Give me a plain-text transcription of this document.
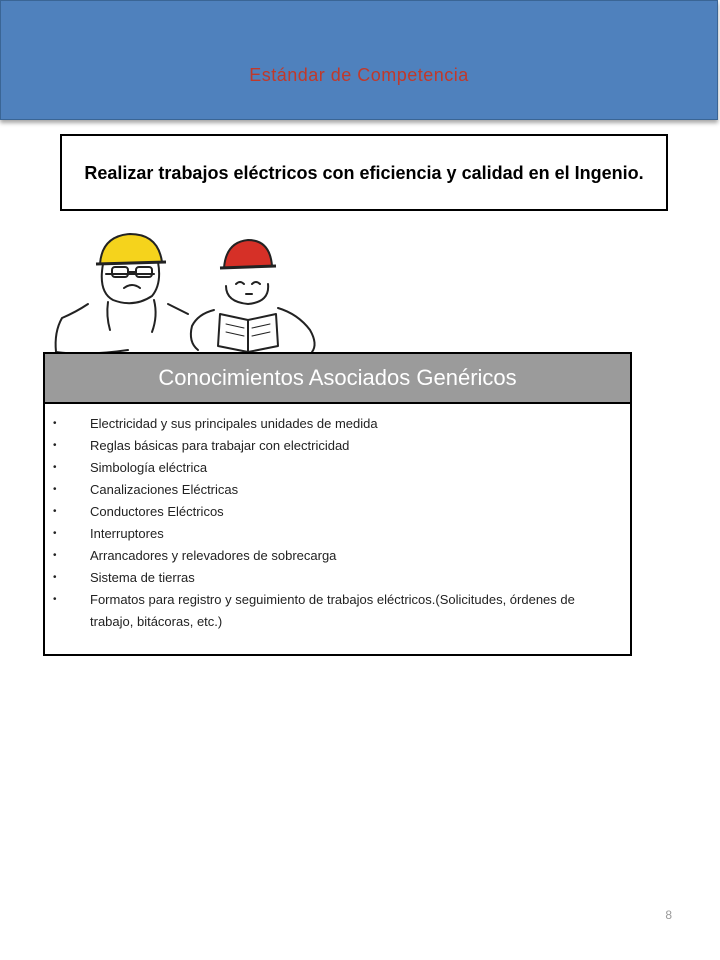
Estándar de Competencia
Realizar trabajos eléctricos con eficiencia y calidad en el Ingenio.
Conocimientos Asociados Genéricos
•	Electricidad y sus principales unidades de medida
•	Reglas básicas para trabajar con electricidad
•	Simbología eléctrica
•	Canalizaciones Eléctricas
•	Conductores Eléctricos
•	Interruptores
•	Arrancadores y relevadores de sobrecarga
•	Sistema de tierras
•	Formatos para registro y seguimiento de trabajos eléctricos.(Solicitudes, órdenes de trabajo, bitácoras, etc.)
8
